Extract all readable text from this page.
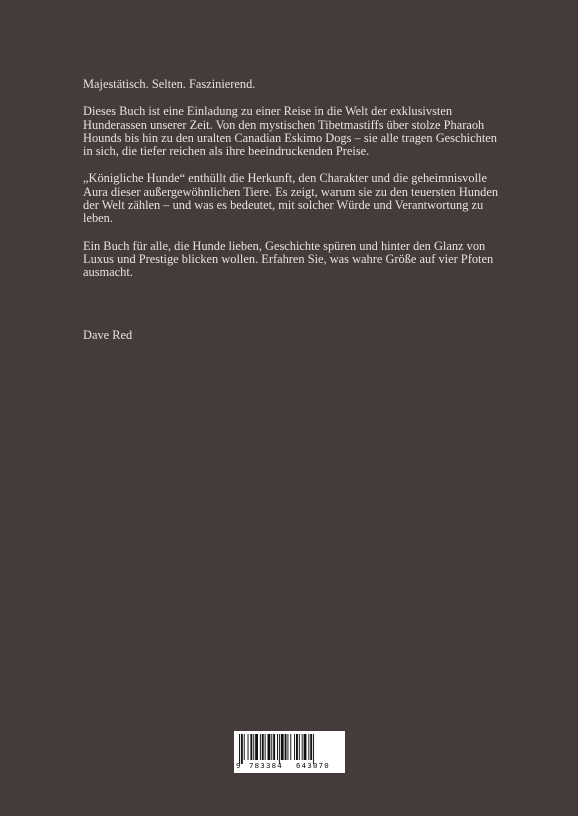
Majestätisch. Selten. Faszinierend.

Dieses Buch ist eine Einladung zu einer Reise in die Welt der exklusivsten Hunderassen unserer Zeit. Von den mystischen Tibetmastiffs über stolze Pharaoh Hounds bis hin zu den uralten Canadian Eskimo Dogs – sie alle tragen Geschichten in sich, die tiefer reichen als ihre beeindruckenden Preise.

„Königliche Hunde“ enthüllt die Herkunft, den Charakter und die geheimnisvolle Aura dieser außergewöhnlichen Tiere. Es zeigt, warum sie zu den teuersten Hunden der Welt zählen – und was es bedeutet, mit solcher Würde und Verantwortung zu leben.

Ein Buch für alle, die Hunde lieben, Geschichte spüren und hinter den Glanz von Luxus und Prestige blicken wollen. Erfahren Sie, was wahre Größe auf vier Pfoten ausmacht.

Dave Red
9 783384 643070
